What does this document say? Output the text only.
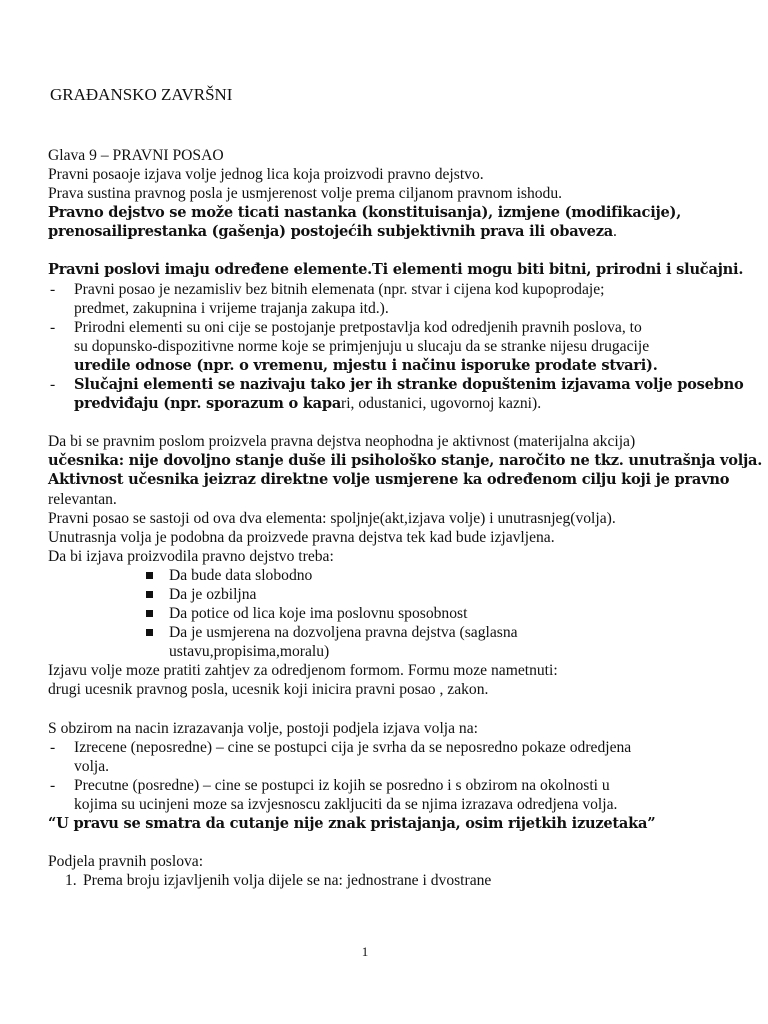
GRAĐANSKO ZAVRŠNI

Glava 9 – PRAVNI POSAO

Pravni posaoje izjava volje jednog lica koja proizvodi pravno dejstvo.

Prava sustina pravnog posla je usmjerenost volje prema ciljanom pravnom ishodu.

Pravno dejstvo se može ticati nastanka (konstituisanja), izmjene (modifikacije),

prenosailiprestanka (gašenja) postojećih subjektivnih prava ili obaveza.

Pravni poslovi imaju određene elemente.Ti elementi mogu biti bitni, prirodni i slučajni.

- Pravni posao je nezamisliv bez bitnih elemenata (npr. stvar i cijena kod kupoprodaje;

predmet, zakupnina i vrijeme trajanja zakupa itd.).

- Prirodni elementi su oni cije se postojanje pretpostavlja kod odredjenih pravnih poslova, to

su dopunsko-dispozitivne norme koje se primjenjuju u slucaju da se stranke nijesu drugacije

uredile odnose (npr. o vremenu, mjestu i načinu isporuke prodate stvari).

- Slučajni elementi se nazivaju tako jer ih stranke dopuštenim izjavama volje posebno

predviđaju (npr. sporazum o kapari, odustanici, ugovornoj kazni).

Da bi se pravnim poslom proizvela pravna dejstva neophodna je aktivnost (materijalna akcija)

učesnika: nije dovoljno stanje duše ili psihološko stanje, naročito ne tkz. unutrašnja volja.

Aktivnost učesnika jeizraz direktne volje usmjerene ka određenom cilju koji je pravno

relevantan.

Pravni posao se sastoji od ova dva elementa: spoljnje(akt,izjava volje) i unutrasnjeg(volja).

Unutrasnja volja je podobna da proizvede pravna dejstva tek kad bude izjavljena.

Da bi izjava proizvodila pravno dejstvo treba:

Da bude data slobodno

Da je ozbiljna

Da potice od lica koje ima poslovnu sposobnost

Da je usmjerena na dozvoljena pravna dejstva (saglasna

ustavu,propisima,moralu)

Izjavu volje moze pratiti zahtjev za odredjenom formom. Formu moze nametnuti:

drugi ucesnik pravnog posla, ucesnik koji inicira pravni posao , zakon.

S obzirom na nacin izrazavanja volje, postoji podjela izjava volja na:

- Izrecene (neposredne) – cine se postupci cija je svrha da se neposredno pokaze odredjena

volja.

- Precutne (posredne) – cine se postupci iz kojih se posredno i s obzirom na okolnosti u

kojima su ucinjeni moze sa izvjesnoscu zakljuciti da se njima izrazava odredjena volja.

“U pravu se smatra da cutanje nije znak pristajanja, osim rijetkih izuzetaka”

Podjela pravnih poslova:

1. Prema broju izjavljenih volja dijele se na: jednostrane i dvostrane

1
